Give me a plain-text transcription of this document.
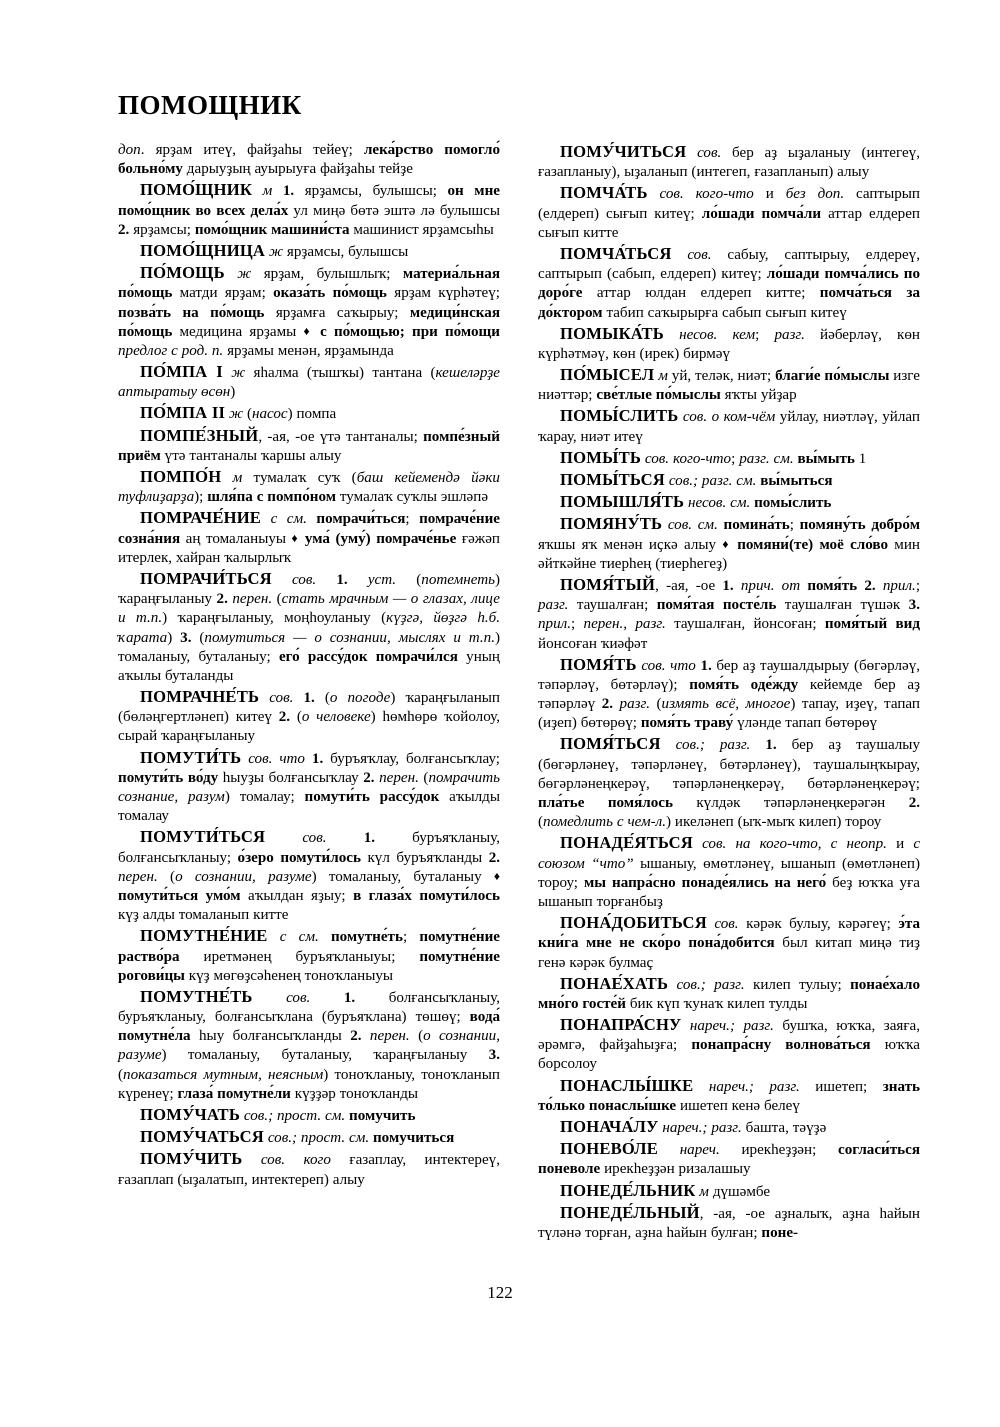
ПОМОЩНИК

доп. ярҙам итеү, файҙаһы тейеү; лека́рство помогло́ больно́му дарыуҙың ауырыуға файҙаһы тейҙе

ПОМО́ЩНИК м 1. ярҙамсы, булышсы; он мне помо́щник во всех дела́х ул миңә бөтә эштә лә булышсы 2. ярҙамсы; помо́щник машини́ста машинист ярҙамсыһы

ПОМО́ЩНИЦА ж ярҙамсы, булышсы

ПО́МОЩЬ ж ярҙам, булышлыҡ; материа́льная по́мощь матди ярҙам; оказа́ть по́мощь ярҙам күрһәтеү; позва́ть на по́мощь ярҙамға саҡырыу; медици́нская по́мощь медицина ярҙамы ♦ с по́мощью; при по́мощи предлог с род. п. ярҙамы менән, ярҙамында

ПО́МПА I ж яһалма (тышҡы) тантана (кешеләрҙе аптыратыу өсөн)

ПО́МПА II ж (насос) помпа

ПОМПЕ́ЗНЫЙ, -ая, -ое үтә тантаналы; помпе́зный приём үтә тантаналы ҡаршы алыу

ПОМПО́Н м тумалаҡ суҡ (баш кейемендә йәки туфлиҙарҙа); шля́па с помпо́ном тумалаҡ суҡлы эшләпә

ПОМРАЧЕ́НИЕ с см. помрачи́ться; помраче́ние созна́ния аң томаланыуы ♦ ума́ (уму́) помраче́нье ғәжәп итерлек, хайран ҡалырлыҡ

ПОМРАЧИ́ТЬСЯ сов. 1. уст. (потемнеть) ҡараңғыланыу 2. перен. (стать мрачным — о глазах, лице и т.п.) ҡараңғыланыу, моңһоуланыу (күҙгә, йөҙгә һ.б. ҡарата) 3. (помутиться — о сознании, мыслях и т.п.) томаланыу, буталаныу; его́ рассу́док помрачи́лся уның аҡылы буталанды

ПОМРАЧНЕ́ТЬ сов. 1. (о погоде) ҡараңғыланып (бөләңгертләнеп) китеү 2. (о человеке) һөмһөрө ҡойолоу, сырай ҡараңғыланыу

ПОМУТИ́ТЬ сов. что 1. буръяҡлау, болғансыҡлау; помути́ть во́ду һыуҙы болғансыҡлау 2. перен. (помрачить сознание, разум) томалау; помути́ть рассу́док аҡылды томалау

ПОМУТИ́ТЬСЯ сов. 1. буръяҡланыу, болғансыҡланыу; о́зеро помути́лось күл буръяҡланды 2. перен. (о сознании, разуме) томаланыу, буталаныу ♦ помути́ться умо́м аҡылдан яҙыу; в глаза́х помути́лось күҙ алды томаланып китте

ПОМУТНЕ́НИЕ с см. помутне́ть; помутне́ние раство́ра иретмәнең буръяҡланыуы; помутне́ние рогови́цы күҙ мөгөҙсәһенең тоноҡланыуы

ПОМУТНЕ́ТЬ сов. 1. болғансыҡланыу, буръяҡланыу, болғансыҡлана (буръяҡлана) төшөү; вода́ помутне́ла һыу болғансыҡланды 2. перен. (о сознании, разуме) томаланыу, буталаныу, ҡараңғыланыу 3. (показаться мутным, неясным) тоноҡланыу, тоноҡланып күренеү; глаза́ помутне́ли күҙҙәр тоноҡланды

ПОМУ́ЧАТЬ сов.; прост. см. помучить

ПОМУ́ЧАТЬСЯ сов.; прост. см. помучиться

ПОМУ́ЧИТЬ сов. кого ғазаплау, интектереү, ғазаплап (ыҙалатып, интектереп) алыу

ПОМУ́ЧИТЬСЯ сов. бер аҙ ыҙаланыу (интегеү, ғазапланыу), ыҙаланып (интегеп, ғазапланып) алыу

ПОМЧА́ТЬ сов. кого-что и без доп. саптырып (елдереп) сығып китеү; ло́шади помча́ли аттар елдереп сығып китте

ПОМЧА́ТЬСЯ сов. сабыу, саптырыу, елдереү, саптырып (сабып, елдереп) китеү; ло́шади помча́лись по доро́ге аттар юлдан елдереп китте; помча́ться за до́ктором табип саҡырырға сабып сығып китеү

ПОМЫКА́ТЬ несов. кем; разг. йәберләү, көн күрһәтмәү, көн (ирек) бирмәү

ПО́МЫСЕЛ м уй, теләк, ниәт; благи́е по́мыслы изге ниәттәр; све́тлые по́мыслы яҡты уйҙар

ПОМЫ́СЛИТЬ сов. о ком-чём уйлау, ниәтләү, уйлап ҡарау, ниәт итеү

ПОМЫ́ТЬ сов. кого-что; разг. см. вы́мыть 1

ПОМЫ́ТЬСЯ сов.; разг. см. вы́мыться

ПОМЫШЛЯ́ТЬ несов. см. помы́слить

ПОМЯНУ́ТЬ сов. см. помина́ть; помяну́ть добро́м яҡшы яҡ менән иҫкә алыу ♦ помяни́(те) моё сло́во мин әйткәйне тиерһең (тиерһегеҙ)

ПОМЯ́ТЫЙ, -ая, -ое 1. прич. от помя́ть 2. прил.; разг. таушалған; помя́тая посте́ль таушалған түшәк 3. прил.; перен., разг. таушалған, йонсоған; помя́тый вид йонсоған ҡиәфәт

ПОМЯ́ТЬ сов. что 1. бер аҙ таушалдырыу (бөгәрләү, тәпәрләү, бөтәрләү); помя́ть оде́жду кейемде бер аҙ тәпәрләү 2. разг. (измять всё, многое) тапау, иҙеү, тапап (иҙеп) бөтөрөү; помя́ть траву́ үләнде тапап бөтөрөү

ПОМЯ́ТЬСЯ сов.; разг. 1. бер аҙ таушалыу (бөгәрләнеү, тәпәрләнеү, бөтәрләнеү), таушалыңҡырау, бөгәрләнеңкерәү, тәпәрләнеңкерәү, бөтәрләнеңкерәү; пла́тье помя́лось күлдәк тәпәрләнеңкерәгән 2. (помедлить с чем-л.) икеләнеп (ыҡ-мыҡ килеп) тороу

ПОНАДЕ́ЯТЬСЯ сов. на кого-что, с неопр. и с союзом “что” ышаныу, өмөтләнеү, ышанып (өмөтләнеп) тороу; мы напра́сно понаде́ялись на него́ беҙ юҡҡа уға ышанып торғанбыҙ

ПОНА́ДОБИТЬСЯ сов. кәрәк булыу, кәрәгеү; э́та кни́га мне не ско́ро пона́добится был китап миңә тиҙ генә кәрәк булмаҫ

ПОНАЕ́ХАТЬ сов.; разг. килеп тулыу; понае́хало мно́го госте́й бик күп ҡунаҡ килеп тулды

ПОНАПРА́СНУ нареч.; разг. бушҡа, юҡҡа, заяға, әрәмгә, файҙаһыҙға; понапра́сну волнова́ться юҡҡа борсолоу

ПОНАСЛЫ́ШКЕ нареч.; разг. ишетеп; знать то́лько понаслы́шке ишетеп кенә белеү

ПОНАЧА́ЛУ нареч.; разг. башта, тәүҙә

ПОНЕВО́ЛЕ нареч. ирекһеҙҙән; согласи́ться поневоле ирекһеҙҙән ризалашыу

ПОНЕДЕ́ЛЬНИК м дүшәмбе

ПОНЕДЕ́ЛЬНЫЙ, -ая, -ое аҙналыҡ, аҙна һайын түләнә торған, аҙна һайын булған; поне-

122
